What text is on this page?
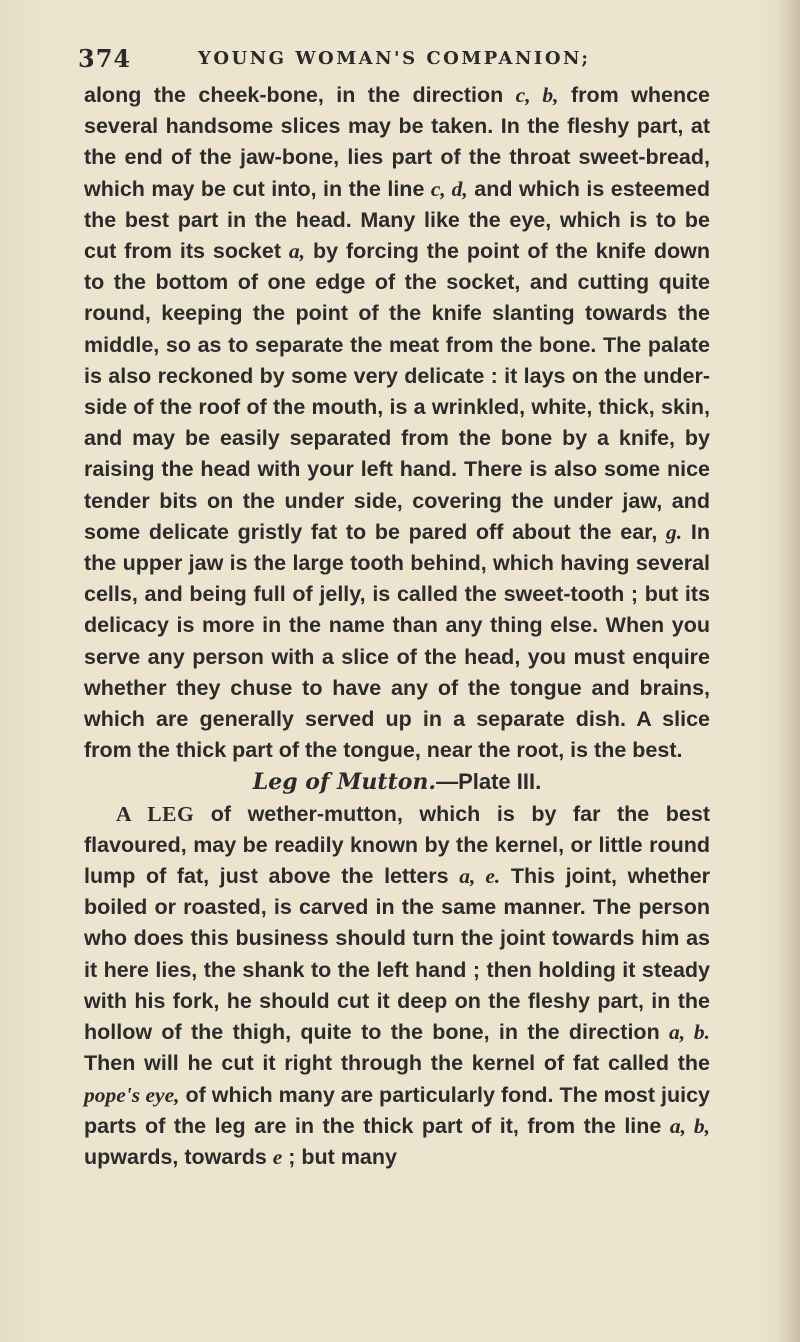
374	YOUNG WOMAN'S COMPANION;

along the cheek-bone, in the direction c, b, from whence several handsome slices may be taken. In the fleshy part, at the end of the jaw-bone, lies part of the throat sweet-bread, which may be cut into, in the line c, d, and which is esteemed the best part in the head. Many like the eye, which is to be cut from its socket a, by forcing the point of the knife down to the bottom of one edge of the socket, and cutting quite round, keeping the point of the knife slanting towards the middle, so as to separate the meat from the bone. The palate is also reckoned by some very delicate : it lays on the under-side of the roof of the mouth, is a wrinkled, white, thick, skin, and may be easily separated from the bone by a knife, by raising the head with your left hand. There is also some nice tender bits on the under side, covering the under jaw, and some delicate gristly fat to be pared off about the ear, g. In the upper jaw is the large tooth behind, which having several cells, and being full of jelly, is called the sweet-tooth ; but its delicacy is more in the name than any thing else. When you serve any person with a slice of the head, you must enquire whether they chuse to have any of the tongue and brains, which are generally served up in a separate dish. A slice from the thick part of the tongue, near the root, is the best.

Leg of Mutton.—Plate III.

A LEG of wether-mutton, which is by far the best flavoured, may be readily known by the kernel, or little round lump of fat, just above the letters a, e. This joint, whether boiled or roasted, is carved in the same manner. The person who does this business should turn the joint towards him as it here lies, the shank to the left hand ; then holding it steady with his fork, he should cut it deep on the fleshy part, in the hollow of the thigh, quite to the bone, in the direction a, b. Then will he cut it right through the kernel of fat called the pope's eye, of which many are particularly fond. The most juicy parts of the leg are in the thick part of it, from the line a, b, upwards, towards e ; but many
